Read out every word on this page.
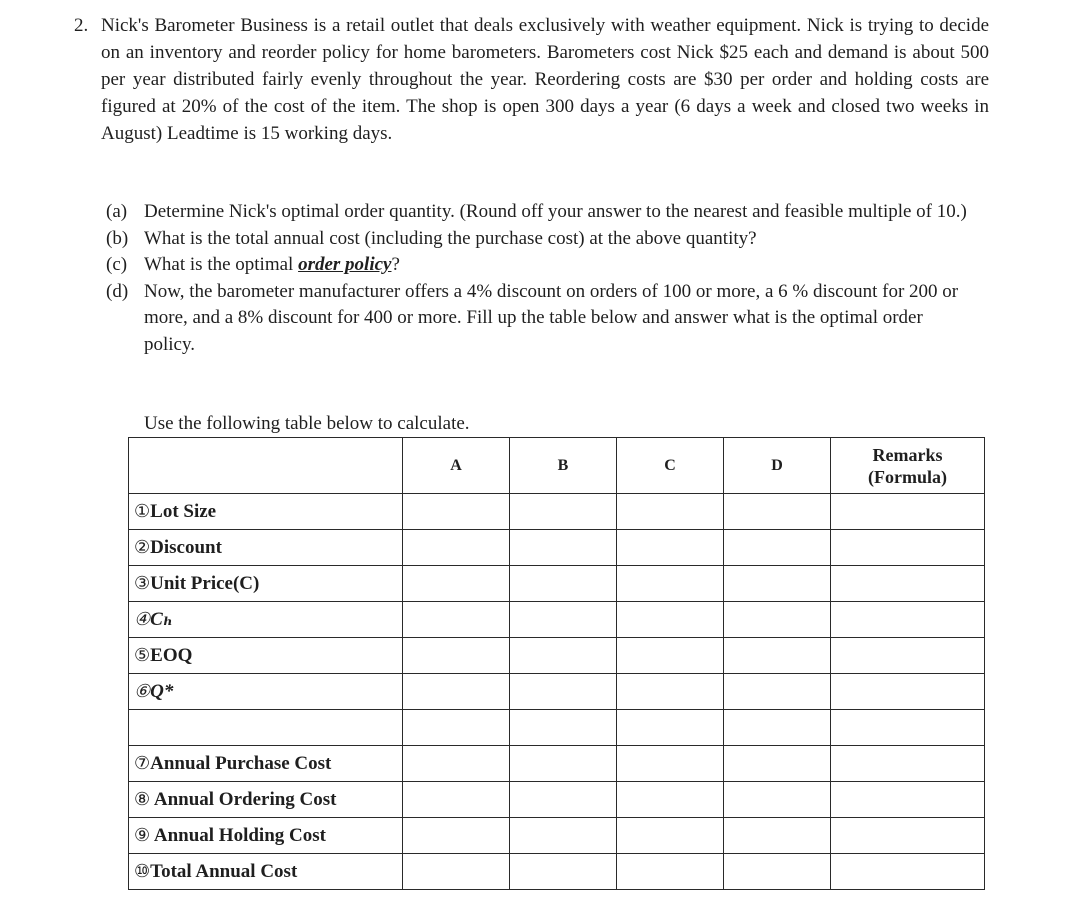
2. Nick's Barometer Business is a retail outlet that deals exclusively with weather equipment. Nick is trying to decide on an inventory and reorder policy for home barometers. Barometers cost Nick $25 each and demand is about 500 per year distributed fairly evenly throughout the year. Reordering costs are $30 per order and holding costs are figured at 20% of the cost of the item. The shop is open 300 days a year (6 days a week and closed two weeks in August) Leadtime is 15 working days.

(a) Determine Nick's optimal order quantity. (Round off your answer to the nearest and feasible multiple of 10.)

(b) What is the total annual cost (including the purchase cost) at the above quantity?

(c) What is the optimal order policy?

(d) Now, the barometer manufacturer offers a 4% discount on orders of 100 or more, a 6 % discount for 200 or more, and a 8% discount for 400 or more. Fill up the table below and answer what is the optimal order policy.

Use the following table below to calculate.
	A	B	C	D	Remarks
(Formula)
①Lot Size					
②Discount					
③Unit Price(C)					
④Cₕ					
⑤EOQ					
⑥Q*					

⑦Annual Purchase Cost					
⑧ Annual Ordering Cost					
⑨ Annual Holding Cost					
⑩Total Annual Cost					
